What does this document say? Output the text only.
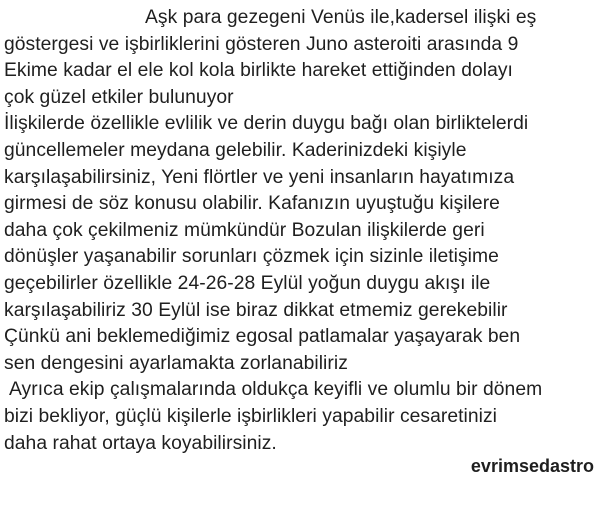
Aşk para gezegeni Venüs ile,kadersel ilişki eş
göstergesi ve işbirliklerini gösteren Juno asteroiti arasında 9
Ekime kadar el ele kol kola birlikte hareket ettiğinden dolayı
çok güzel etkiler bulunuyor
İlişkilerde özellikle evlilik ve derin duygu bağı olan birliktelerdi
güncellemeler meydana gelebilir. Kaderinizdeki kişiyle
karşılaşabilirsiniz, Yeni flörtler ve yeni insanların hayatımıza
girmesi de söz konusu olabilir. Kafanızın uyuştuğu kişilere
daha çok çekilmeniz mümkündür Bozulan ilişkilerde geri
dönüşler yaşanabilir sorunları çözmek için sizinle iletişime
geçebilirler özellikle 24-26-28 Eylül yoğun duygu akışı ile
karşılaşabiliriz 30 Eylül ise biraz dikkat etmemiz gerekebilir
Çünkü ani beklemediğimiz egosal patlamalar yaşayarak ben
sen dengesini ayarlamakta zorlanabiliriz
Ayrıca ekip çalışmalarında oldukça keyifli ve olumlu bir dönem
bizi bekliyor, güçlü kişilerle işbirlikleri yapabilir cesaretinizi
daha rahat ortaya koyabilirsiniz.
evrimsedastro
